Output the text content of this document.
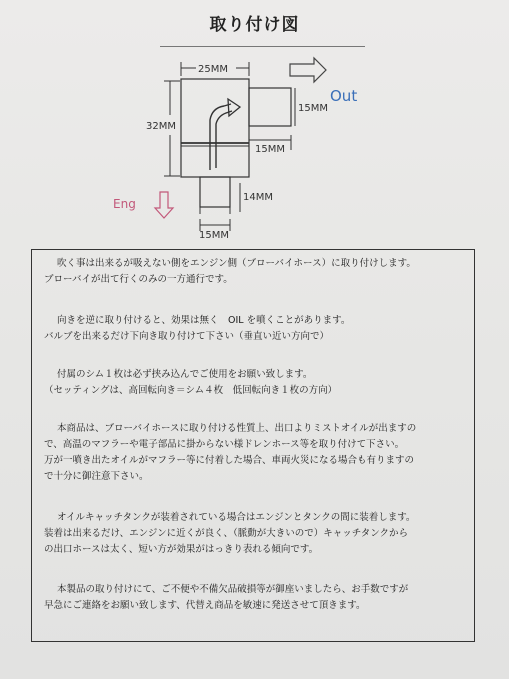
取り付け図
25MM
32MM
15MM
15MM
14MM
15MM
Out
Eng
吹く事は出来るが吸えない側をエンジン側（ブローバイホース）に取り付けします。
ブローバイが出て行くのみの一方通行です。
向きを逆に取り付けると、効果は無く　OIL を噴くことがあります。
バルブを出来るだけ下向き取り付けて下さい（垂直い近い方向で）
付属のシム１枚は必ず挟み込んでご使用をお願い致します。
（セッティングは、高回転向き＝シム４枚　低回転向き１枚の方向）
本商品は、ブローバイホースに取り付ける性質上、出口よりミストオイルが出ますの
で、高温のマフラーや電子部品に掛からない様ドレンホース等を取り付けて下さい。
万が一噴き出たオイルがマフラー等に付着した場合、車両火災になる場合も有りますの
で十分に御注意下さい。
オイルキャッチタンクが装着されている場合はエンジンとタンクの間に装着します。
装着は出来るだけ、エンジンに近くが良く、（脈動が大きいので）キャッチタンクから
の出口ホースは太く、短い方が効果がはっきり表れる傾向です。
本製品の取り付けにて、ご不便や不備欠品破損等が御座いましたら、お手数ですが
早急にご連絡をお願い致します、代替え商品を敏速に発送させて頂きます。
